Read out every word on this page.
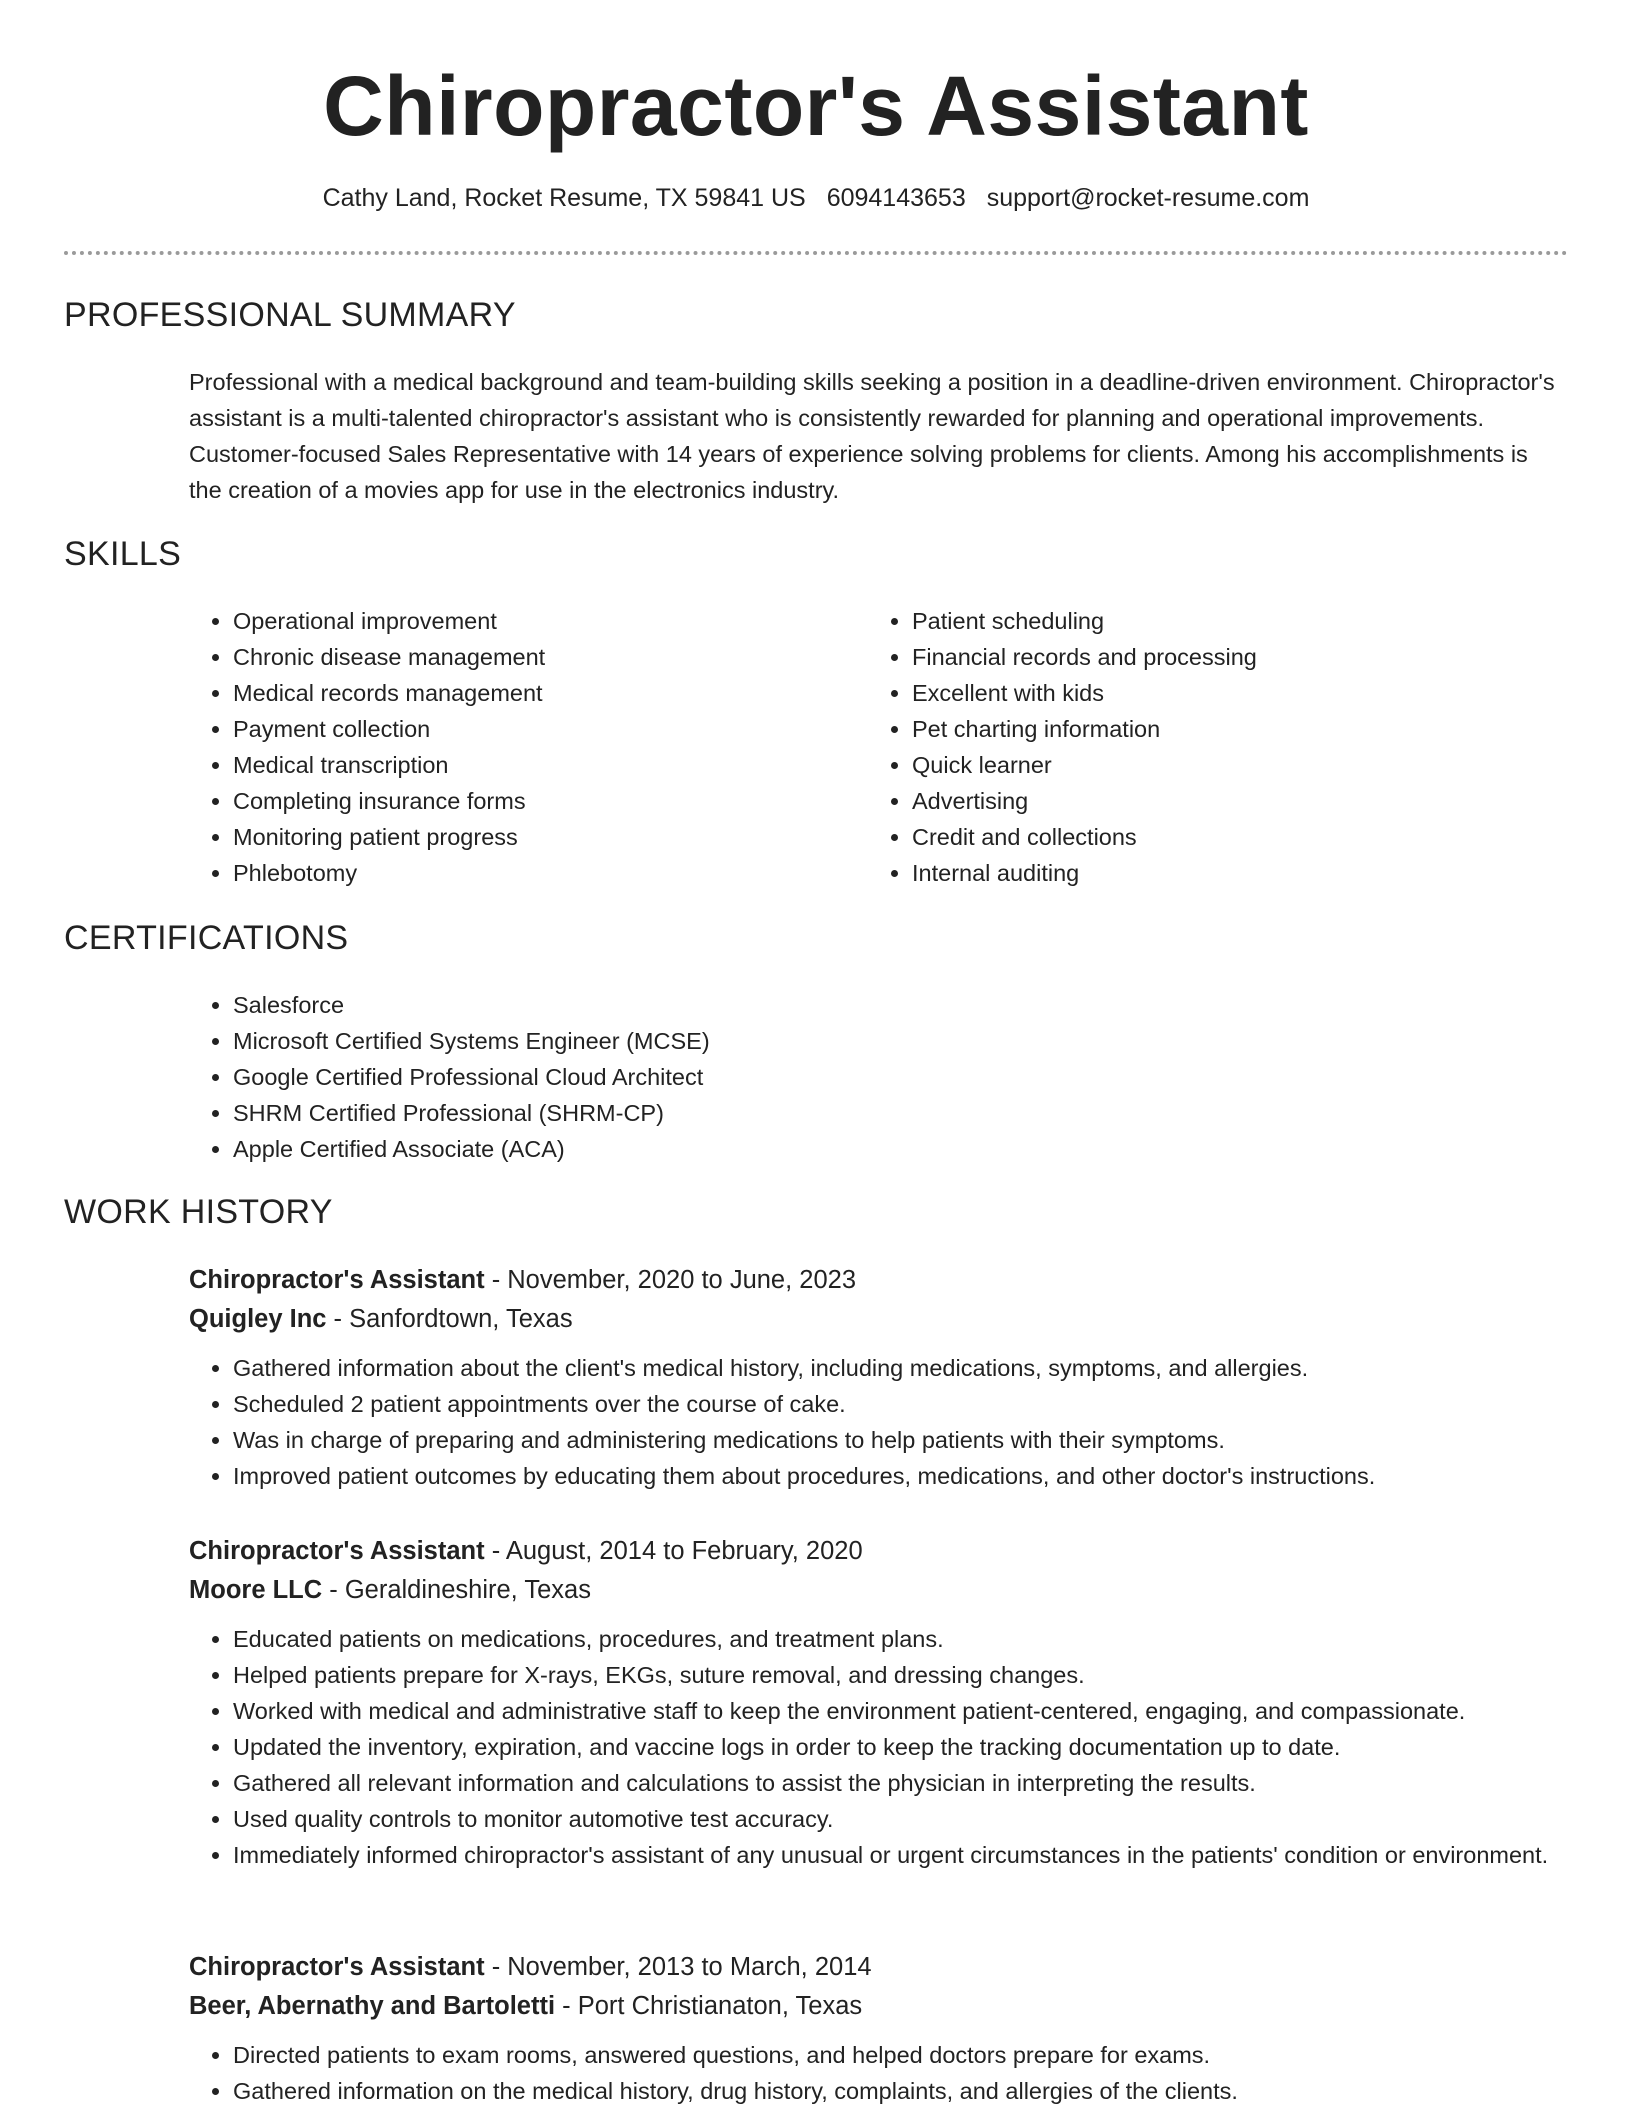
Chiropractor's Assistant
Cathy Land, Rocket Resume, TX 59841 US 6094143653 support@rocket-resume.com
PROFESSIONAL SUMMARY
Professional with a medical background and team-building skills seeking a position in a deadline-driven environment. Chiropractor's assistant is a multi-talented chiropractor's assistant who is consistently rewarded for planning and operational improvements. Customer-focused Sales Representative with 14 years of experience solving problems for clients. Among his accomplishments is the creation of a movies app for use in the electronics industry.
SKILLS
• Operational improvement
• Chronic disease management
• Medical records management
• Payment collection
• Medical transcription
• Completing insurance forms
• Monitoring patient progress
• Phlebotomy
• Patient scheduling
• Financial records and processing
• Excellent with kids
• Pet charting information
• Quick learner
• Advertising
• Credit and collections
• Internal auditing
CERTIFICATIONS
• Salesforce
• Microsoft Certified Systems Engineer (MCSE)
• Google Certified Professional Cloud Architect
• SHRM Certified Professional (SHRM-CP)
• Apple Certified Associate (ACA)
WORK HISTORY
Chiropractor's Assistant - November, 2020 to June, 2023
Quigley Inc - Sanfordtown, Texas
• Gathered information about the client's medical history, including medications, symptoms, and allergies.
• Scheduled 2 patient appointments over the course of cake.
• Was in charge of preparing and administering medications to help patients with their symptoms.
• Improved patient outcomes by educating them about procedures, medications, and other doctor's instructions.
Chiropractor's Assistant - August, 2014 to February, 2020
Moore LLC - Geraldineshire, Texas
• Educated patients on medications, procedures, and treatment plans.
• Helped patients prepare for X-rays, EKGs, suture removal, and dressing changes.
• Worked with medical and administrative staff to keep the environment patient-centered, engaging, and compassionate.
• Updated the inventory, expiration, and vaccine logs in order to keep the tracking documentation up to date.
• Gathered all relevant information and calculations to assist the physician in interpreting the results.
• Used quality controls to monitor automotive test accuracy.
• Immediately informed chiropractor's assistant of any unusual or urgent circumstances in the patients' condition or environment.
Chiropractor's Assistant - November, 2013 to March, 2014
Beer, Abernathy and Bartoletti - Port Christianaton, Texas
• Directed patients to exam rooms, answered questions, and helped doctors prepare for exams.
• Gathered information on the medical history, drug history, complaints, and allergies of the clients.
